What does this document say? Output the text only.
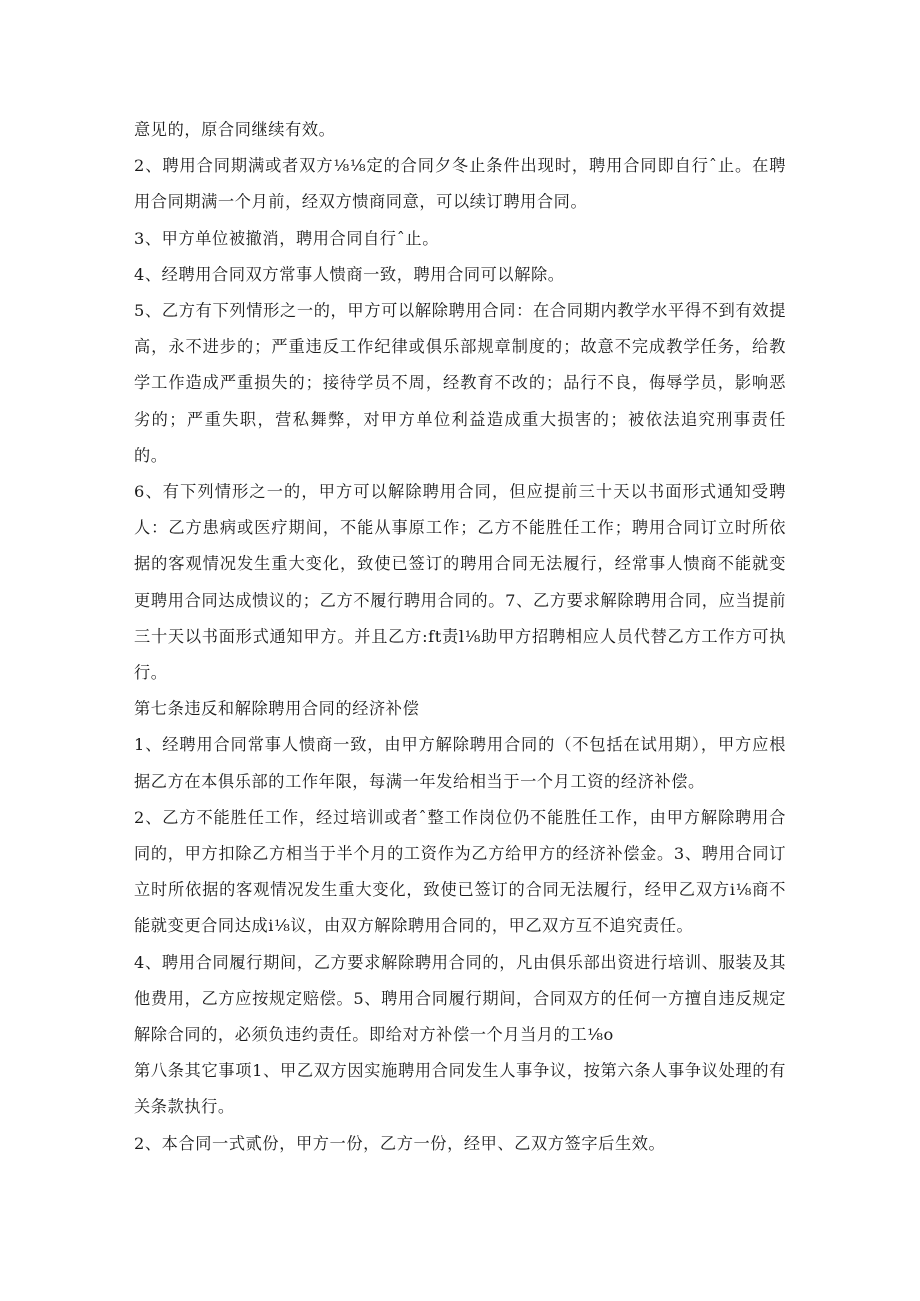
意见的，原合同继续有效。

2、聘用合同期满或者双方⅛⅛定的合同夕冬止条件出现时，聘用合同即自行ˆ止。在聘用合同期满一个月前，经双方愦商同意，可以续订聘用合同。

3、甲方单位被撤消，聘用合同自行ˆ止。

4、经聘用合同双方常事人愦商一致，聘用合同可以解除。

5、乙方有下列情形之一的，甲方可以解除聘用合同：在合同期内教学水平得不到有效提高，永不进步的；严重违反工作纪律或俱乐部规章制度的；故意不完成教学任务，给教学工作造成严重损失的；接待学员不周，经教育不改的；品行不良，侮辱学员，影响恶劣的；严重失职，营私舞弊，对甲方单位利益造成重大损害的；被依法追究刑事责任的。

6、有下列情形之一的，甲方可以解除聘用合同，但应提前三十天以书面形式通知受聘人：乙方患病或医疗期间，不能从事原工作；乙方不能胜任工作；聘用合同订立时所依据的客观情况发生重大变化，致使已签订的聘用合同无法履行，经常事人愦商不能就变更聘用合同达成愦议的；乙方不履行聘用合同的。7、乙方要求解除聘用合同，应当提前三十天以书面形式通知甲方。并且乙方:ft责l⅛助甲方招聘相应人员代替乙方工作方可执行。

第七条违反和解除聘用合同的经济补偿

1、经聘用合同常事人愦商一致，由甲方解除聘用合同的（不包括在试用期），甲方应根据乙方在本俱乐部的工作年限，每满一年发给相当于一个月工资的经济补偿。

2、乙方不能胜任工作，经过培训或者ˆ整工作岗位仍不能胜任工作，由甲方解除聘用合同的，甲方扣除乙方相当于半个月的工资作为乙方给甲方的经济补偿金。3、聘用合同订立时所依据的客观情况发生重大变化，致使已签订的合同无法履行，经甲乙双方i⅛商不能就变更合同达成i⅛议，由双方解除聘用合同的，甲乙双方互不追究责任。

4、聘用合同履行期间，乙方要求解除聘用合同的，凡由俱乐部出资进行培训、服装及其他费用，乙方应按规定赔偿。5、聘用合同履行期间，合同双方的任何一方擅自违反规定解除合同的，必须负违约责任。即给对方补偿一个月当月的工⅛o

第八条其它事项1、甲乙双方因实施聘用合同发生人事争议，按第六条人事争议处理的有关条款执行。

2、本合同一式贰份，甲方一份，乙方一份，经甲、乙双方签字后生效。
